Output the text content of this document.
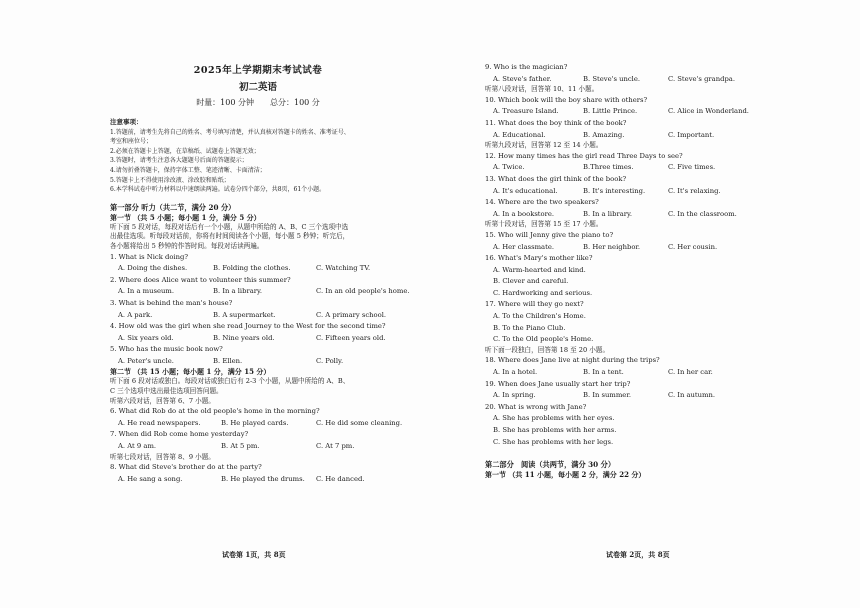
2025年上学期期末考试试卷
初二英语
时量：100 分钟　　总分：100 分
注意事项：
1.答题前，请考生先将自己的姓名、考号填写清楚，并认真核对答题卡的姓名、准考证号、
考室和座位号；
2.必须在答题卡上答题，在草稿纸、试题卷上答题无效；
3.答题时，请考生注意各大题题号后面的答题提示；
4.请勿折叠答题卡，保持字体工整、笔迹清晰、卡面清洁；
5.答题卡上不得使用涂改液、涂改胶和贴纸；
6.本学科试卷中听力材料以中速朗读两遍。试卷分四个部分，共8页，61个小题。
第一部分 听力（共二节，满分 20 分）
第一节 （共 5 小题；每小题 1 分，满分 5 分）
听下面 5 段对话，每段对话后有一个小题，从题中所给的 A、B、C 三个选项中选
出最佳选项。听每段对话前，你将有时间阅读各个小题，每小题 5 秒钟；听完后，
各小题将给出 5 秒钟的作答时间。每段对话读两遍。
1. What is Nick doing?
A. Doing the dishes.	B. Folding the clothes.	C. Watching TV.
2. Where does Alice want to volunteer this summer?
A. In a museum.	B. In a library.	C. In an old people's home.
3. What is behind the man's house?
A. A park.	B. A supermarket.	C. A primary school.
4. How old was the girl when she read Journey to the West for the second time?
A. Six years old.	B. Nine years old.	C. Fifteen years old.
5. Who has the music book now?
A. Peter's uncle.	B. Ellen.	C. Polly.
第二节 （共 15 小题；每小题 1 分，满分 15 分）
听下面 6 段对话或独白。每段对话或独白后有 2-3 个小题，从题中所给的 A、B、
C 三个选项中选出最佳选项回答问题。
听第六段对话，回答第 6、7 小题。
6. What did Rob do at the old people's home in the morning?
A. He read newspapers.	B. He played cards.	C. He did some cleaning.
7. When did Rob come home yesterday?
A. At 9 am.	B. At 5 pm.	C. At 7 pm.
听第七段对话，回答第 8、9 小题。
8. What did Steve's brother do at the party?
A. He sang a song.	B. He played the drums.	C. He danced.
9. Who is the magician?
A. Steve's father.	B. Steve's uncle.	C. Steve's grandpa.
听第八段对话，回答第 10、11 小题。
10. Which book will the boy share with others?
A. Treasure Island.	B. Little Prince.	C. Alice in Wonderland.
11. What does the boy think of the book?
A. Educational.	B. Amazing.	C. Important.
听第九段对话，回答第 12 至 14 小题。
12. How many times has the girl read Three Days to see?
A. Twice.	B.Three times.	C. Five times.
13. What does the girl think of the book?
A. It's educational.	B. It's interesting.	C. It's relaxing.
14. Where are the two speakers?
A. In a bookstore.	B. In a library.	C. In the classroom.
听第十段对话，回答第 15 至 17 小题。
15. Who will Jenny give the piano to?
A. Her classmate.	B. Her neighbor.	C. Her cousin.
16. What's Mary's mother like?
A. Warm-hearted and kind.
B. Clever and careful.
C. Hardworking and serious.
17. Where will they go next?
A. To the Children's Home.
B. To the Piano Club.
C. To the Old people's Home.
听下面一段独白，回答第 18 至 20 小题。
18. Where does Jane live at night during the trips?
A. In a hotel.	B. In a tent.	C. In her car.
19. When does Jane usually start her trip?
A. In spring.	B. In summer.	C. In autumn.
20. What is wrong with Jane?
A. She has problems with her eyes.
B. She has problems with her arms.
C. She has problems with her legs.
第二部分　阅读（共两节，满分 30 分）
第一节 （共 11 小题，每小题 2 分，满分 22 分）
试卷第 1页，共 8页	试卷第 2页，共 8页
